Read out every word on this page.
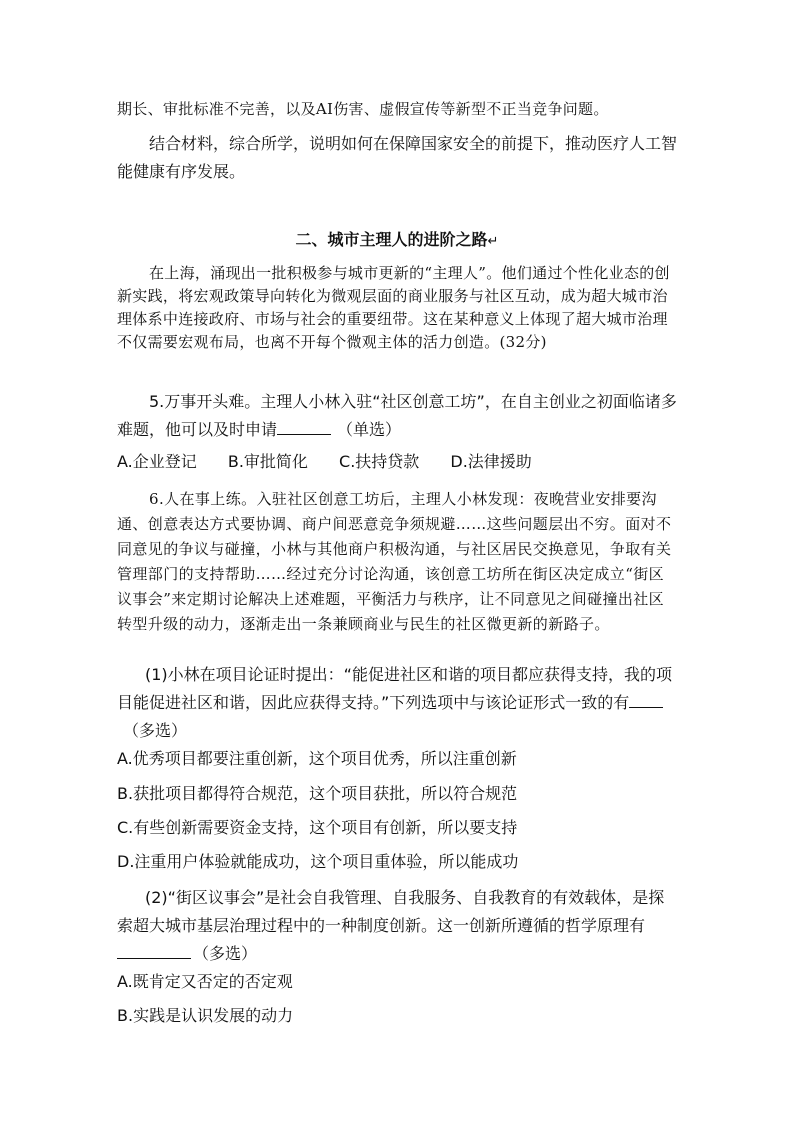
期长、审批标准不完善，以及AI伤害、虚假宣传等新型不正当竞争问题。

结合材料，综合所学，说明如何在保障国家安全的前提下，推动医疗人工智能健康有序发展。

二、城市主理人的进阶之路↵

在上海，涌现出一批积极参与城市更新的“主理人”。他们通过个性化业态的创新实践，将宏观政策导向转化为微观层面的商业服务与社区互动，成为超大城市治理体系中连接政府、市场与社会的重要纽带。这在某种意义上体现了超大城市治理不仅需要宏观布局，也离不开每个微观主体的活力创造。(32分)

5.万事开头难。主理人小林入驻“社区创意工坊”，在自主创业之初面临诸多难题，他可以及时申请	（单选）

A.企业登记 B.审批简化 C.扶持贷款 D.法律援助

6.人在事上练。入驻社区创意工坊后，主理人小林发现：夜晚营业安排要沟通、创意表达方式要协调、商户间恶意竞争须规避……这些问题层出不穷。面对不同意见的争议与碰撞，小林与其他商户积极沟通，与社区居民交换意见，争取有关管理部门的支持帮助……经过充分讨论沟通，该创意工坊所在街区决定成立“街区议事会”来定期讨论解决上述难题，平衡活力与秩序，让不同意见之间碰撞出社区转型升级的动力，逐渐走出一条兼顾商业与民生的社区微更新的新路子。

(1)小林在项目论证时提出：“能促进社区和谐的项目都应获得支持，我的项目能促进社区和谐，因此应获得支持。”下列选项中与该论证形式一致的有（多选）

A.优秀项目都要注重创新，这个项目优秀，所以注重创新
B.获批项目都得符合规范，这个项目获批，所以符合规范
C.有些创新需要资金支持，这个项目有创新，所以要支持
D.注重用户体验就能成功，这个项目重体验，所以能成功

(2)“街区议事会”是社会自我管理、自我服务、自我教育的有效载体，是探索超大城市基层治理过程中的一种制度创新。这一创新所遵循的哲学原理有（多选）

A.既肯定又否定的否定观
B.实践是认识发展的动力
